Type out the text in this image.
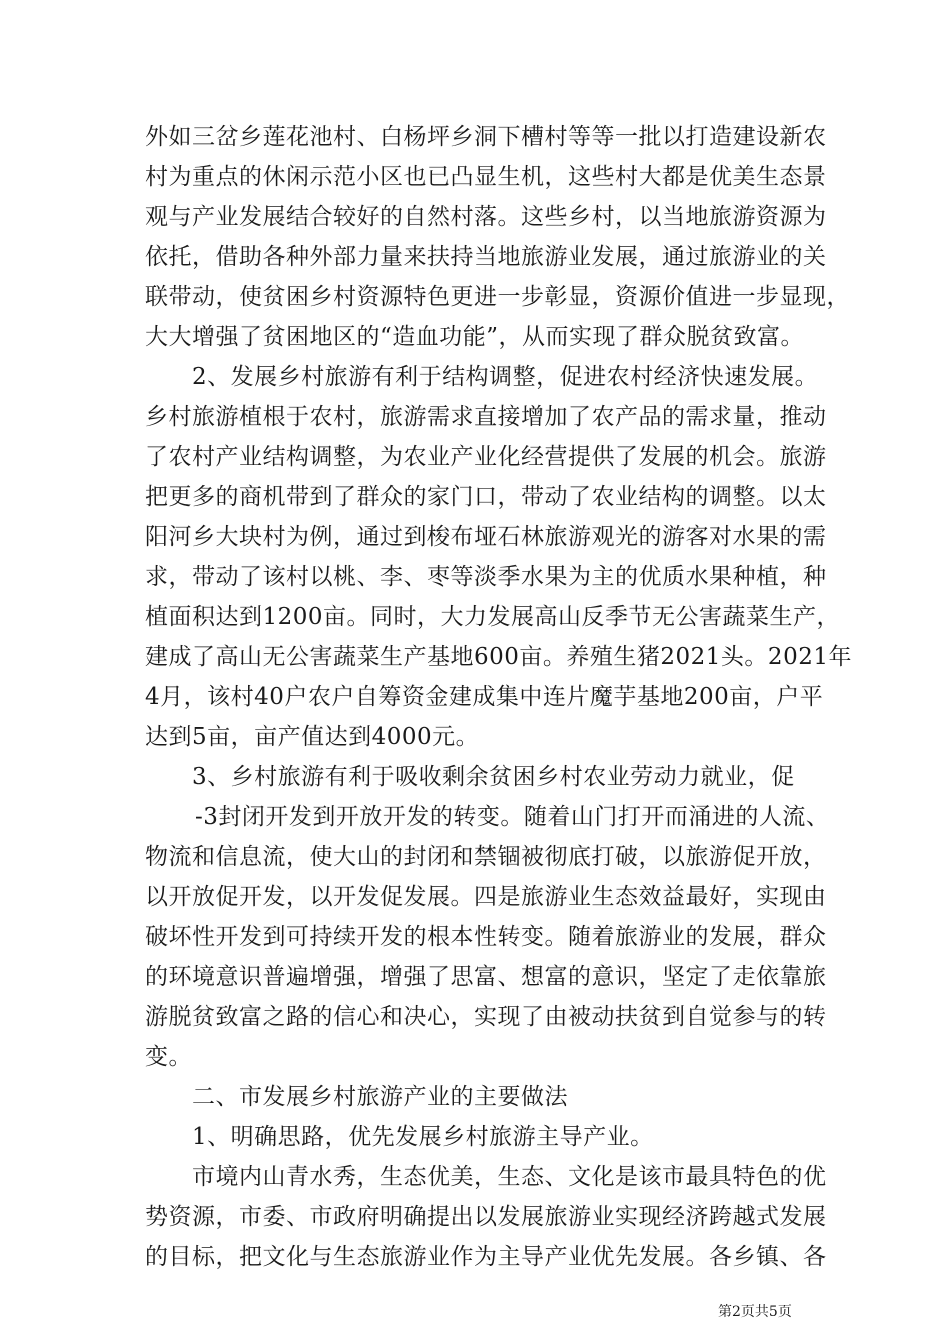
外如三岔乡莲花池村、白杨坪乡洞下槽村等等一批以打造建设新农
村为重点的休闲示范小区也已凸显生机，这些村大都是优美生态景
观与产业发展结合较好的自然村落。这些乡村，以当地旅游资源为
依托，借助各种外部力量来扶持当地旅游业发展，通过旅游业的关
联带动，使贫困乡村资源特色更进一步彰显，资源价值进一步显现，
大大增强了贫困地区的“造血功能”，从而实现了群众脱贫致富。
2、发展乡村旅游有利于结构调整，促进农村经济快速发展。
乡村旅游植根于农村，旅游需求直接增加了农产品的需求量，推动
了农村产业结构调整，为农业产业化经营提供了发展的机会。旅游
把更多的商机带到了群众的家门口，带动了农业结构的调整。以太
阳河乡大块村为例，通过到梭布垭石林旅游观光的游客对水果的需
求，带动了该村以桃、李、枣等淡季水果为主的优质水果种植，种
植面积达到1200亩。同时，大力发展高山反季节无公害蔬菜生产，
建成了高山无公害蔬菜生产基地600亩。养殖生猪2021头。2021年
4月，该村40户农户自筹资金建成集中连片魔芋基地200亩，户平
达到5亩，亩产值达到4000元。
3、乡村旅游有利于吸收剩余贫困乡村农业劳动力就业，促
-3封闭开发到开放开发的转变。随着山门打开而涌进的人流、
物流和信息流，使大山的封闭和禁锢被彻底打破，以旅游促开放，
以开放促开发，以开发促发展。四是旅游业生态效益最好，实现由
破坏性开发到可持续开发的根本性转变。随着旅游业的发展，群众
的环境意识普遍增强，增强了思富、想富的意识，坚定了走依靠旅
游脱贫致富之路的信心和决心，实现了由被动扶贫到自觉参与的转
变。
二、市发展乡村旅游产业的主要做法
1、明确思路，优先发展乡村旅游主导产业。
市境内山青水秀，生态优美，生态、文化是该市最具特色的优
势资源，市委、市政府明确提出以发展旅游业实现经济跨越式发展
的目标，把文化与生态旅游业作为主导产业优先发展。各乡镇、各
第2页共5页
